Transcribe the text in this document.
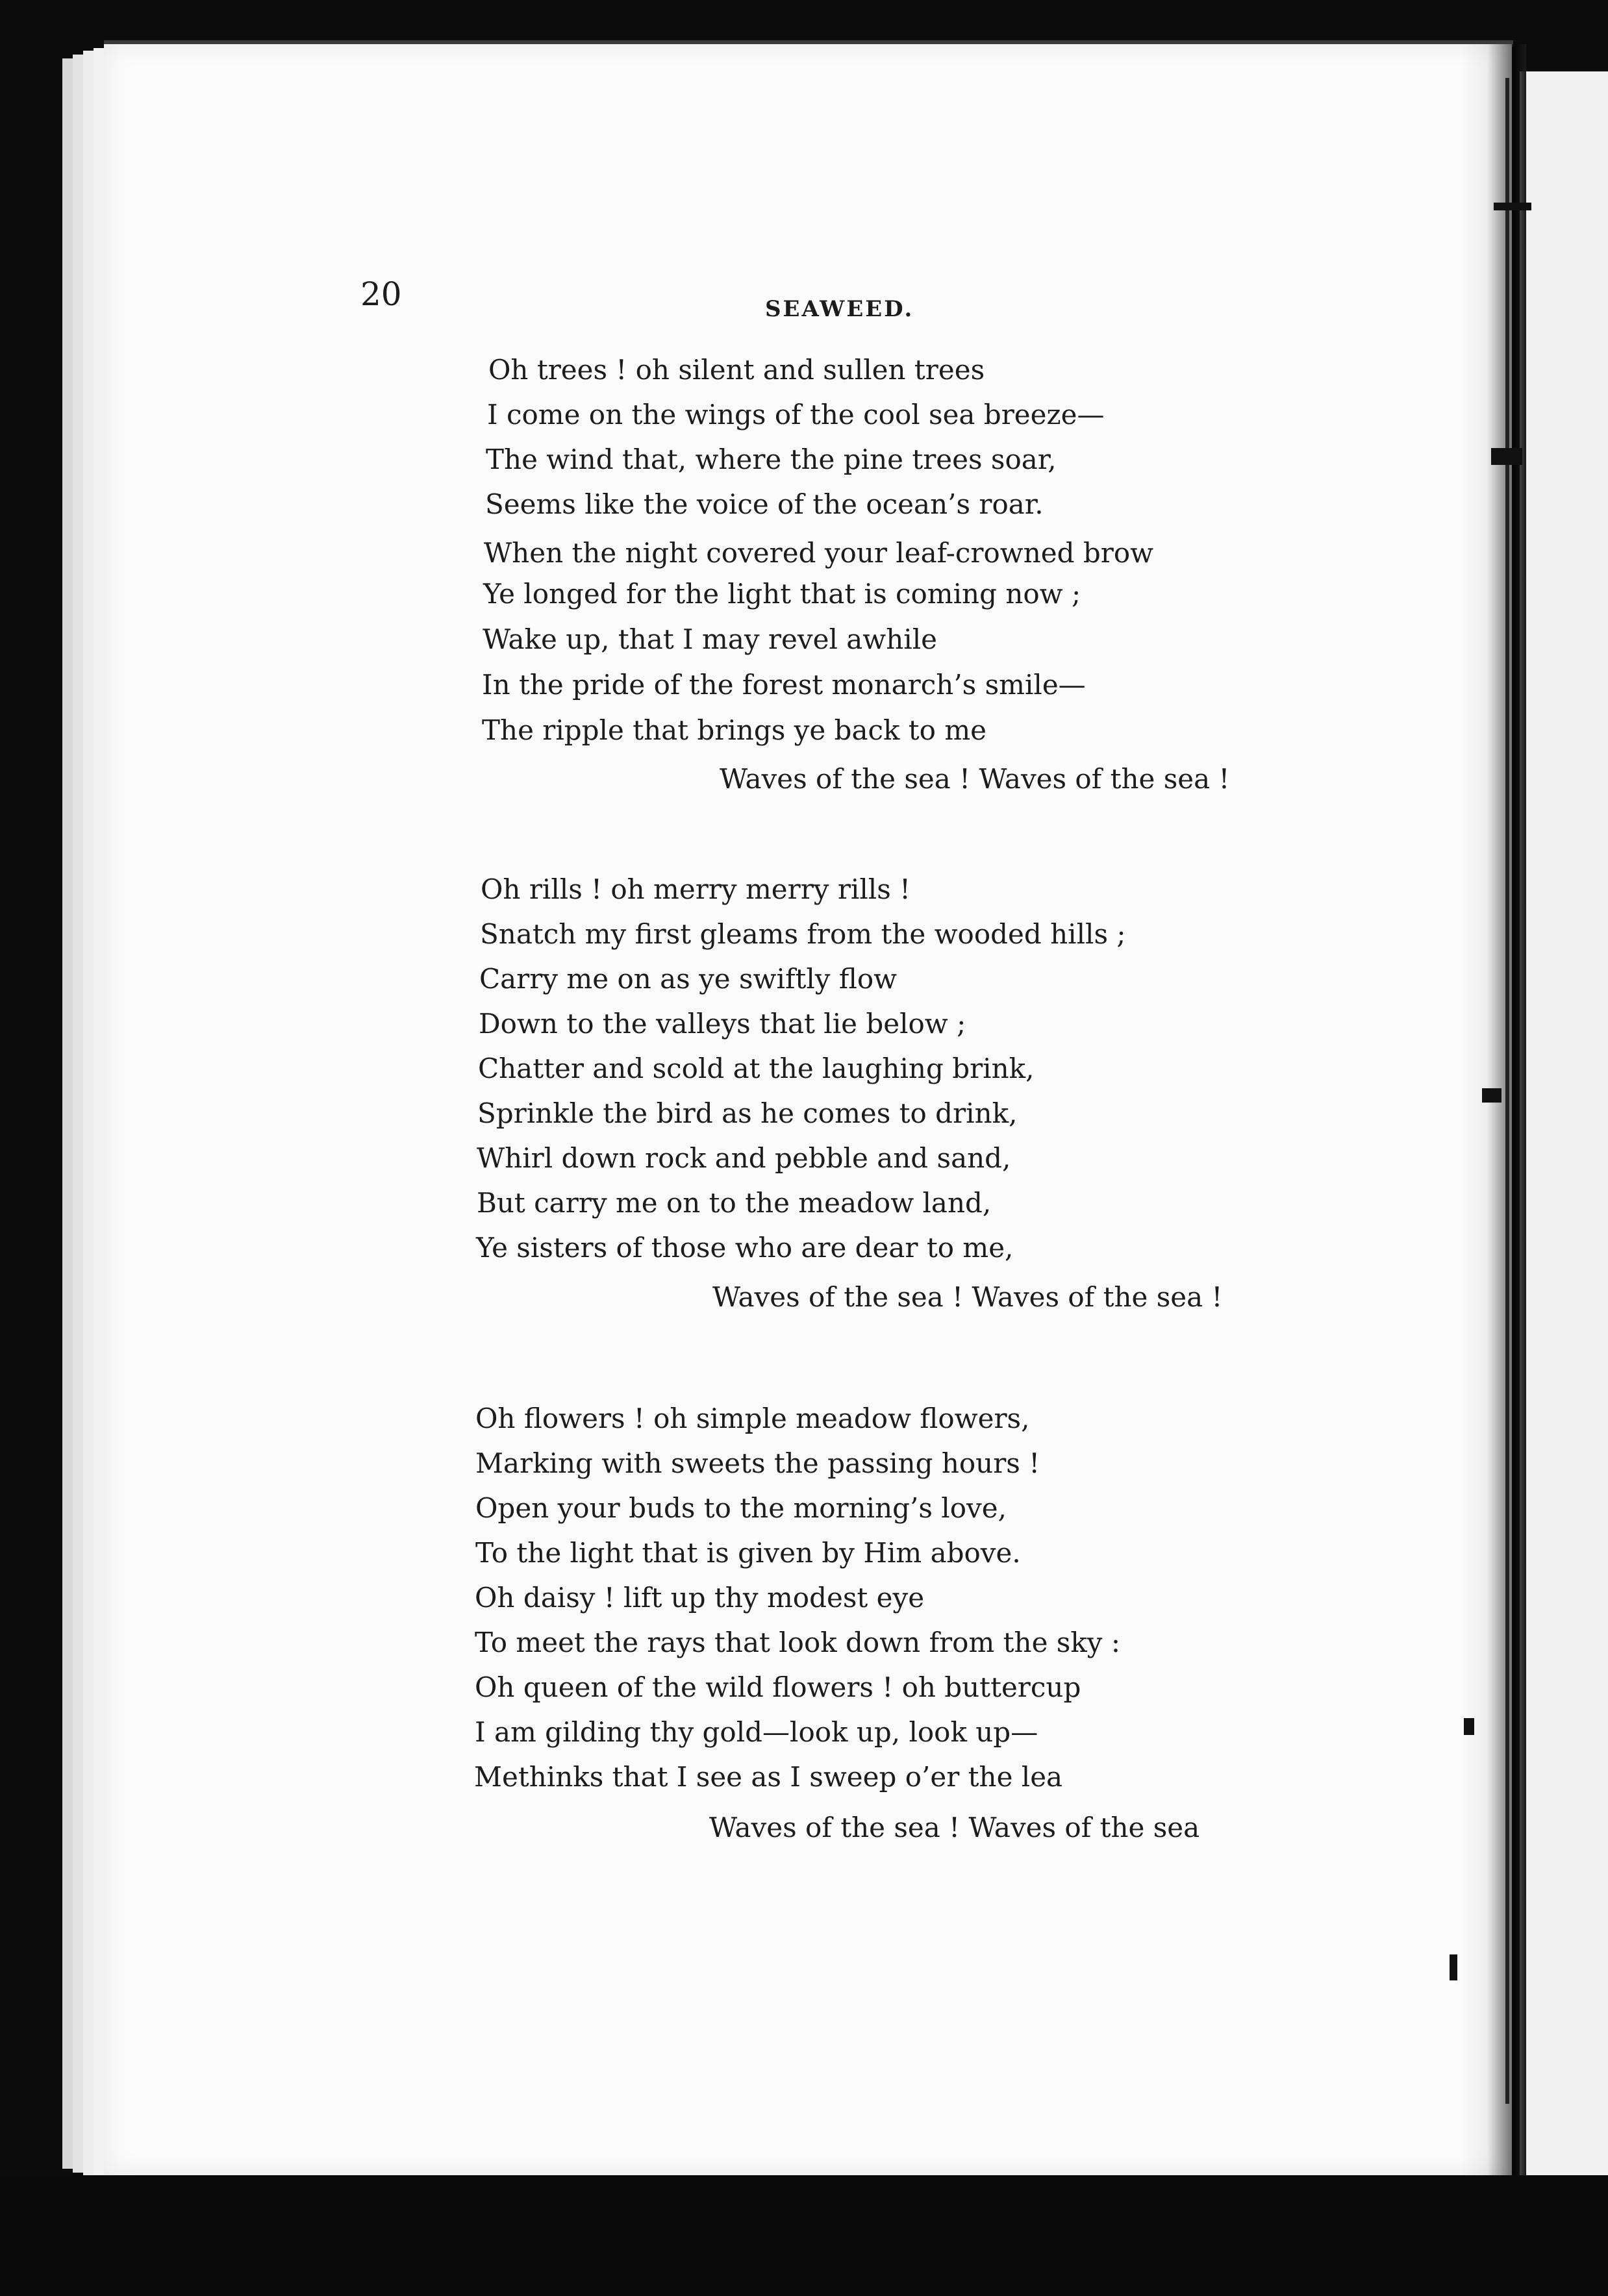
20	SEAWEED.
Oh trees ! oh silent and sullen trees
I come on the wings of the cool sea breeze—
The wind that, where the pine trees soar,
Seems like the voice of the ocean’s roar.
When the night covered your leaf-crowned brow
Ye longed for the light that is coming now ;
Wake up, that I may revel awhile
In the pride of the forest monarch’s smile—
The ripple that brings ye back to me
Waves of the sea ! Waves of the sea !
Oh rills ! oh merry merry rills !
Snatch my first gleams from the wooded hills ;
Carry me on as ye swiftly flow
Down to the valleys that lie below ;
Chatter and scold at the laughing brink,
Sprinkle the bird as he comes to drink,
Whirl down rock and pebble and sand,
But carry me on to the meadow land,
Ye sisters of those who are dear to me,
Waves of the sea ! Waves of the sea !
Oh flowers ! oh simple meadow flowers,
Marking with sweets the passing hours !
Open your buds to the morning’s love,
To the light that is given by Him above.
Oh daisy ! lift up thy modest eye
To meet the rays that look down from the sky :
Oh queen of the wild flowers ! oh buttercup
I am gilding thy gold—look up, look up—
Methinks that I see as I sweep o’er the lea
Waves of the sea ! Waves of the sea
